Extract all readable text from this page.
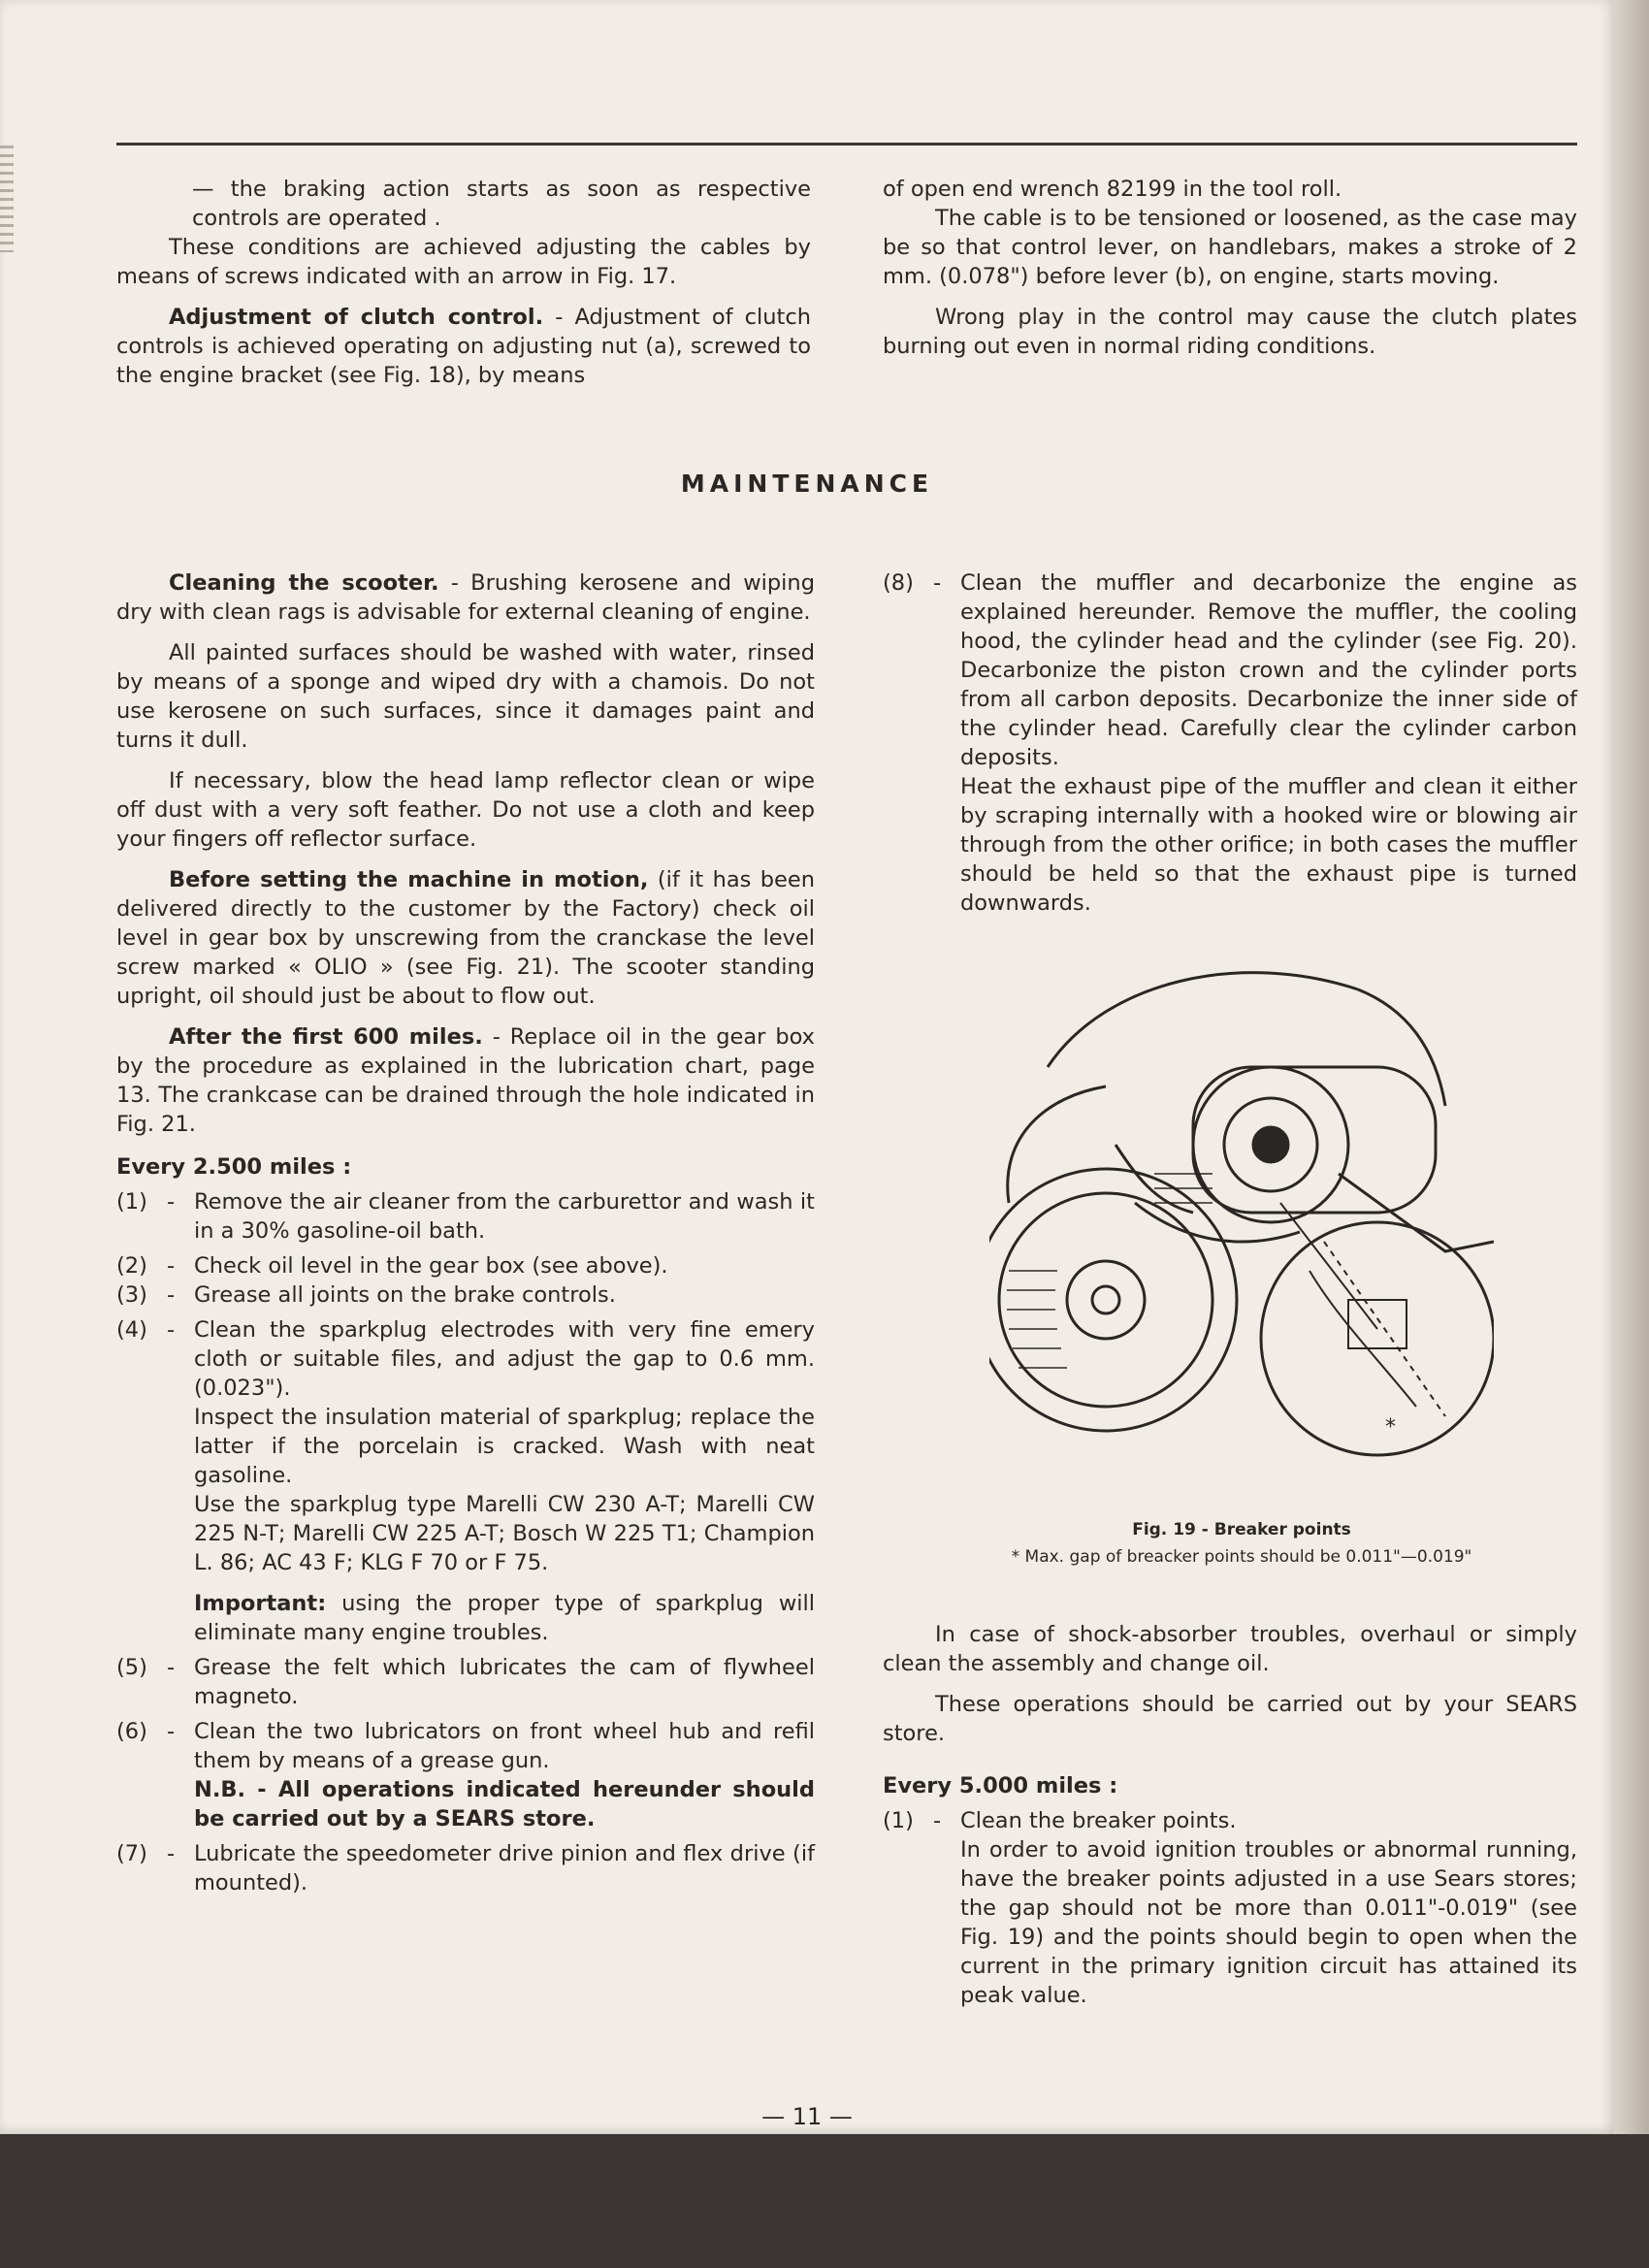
— the braking action starts as soon as respective controls are operated .

These conditions are achieved adjusting the cables by means of screws indicated with an arrow in Fig. 17.

Adjustment of clutch control. - Adjustment of clutch controls is achieved operating on adjusting nut (a), screwed to the engine bracket (see Fig. 18), by means

of open end wrench 82199 in the tool roll.

The cable is to be tensioned or loosened, as the case may be so that control lever, on handlebars, makes a stroke of 2 mm. (0.078") before lever (b), on engine, starts moving.

Wrong play in the control may cause the clutch plates burning out even in normal riding conditions.

MAINTENANCE

Cleaning the scooter. - Brushing kerosene and wiping dry with clean rags is advisable for external cleaning of engine.

All painted surfaces should be washed with water, rinsed by means of a sponge and wiped dry with a chamois. Do not use kerosene on such surfaces, since it damages paint and turns it dull.

If necessary, blow the head lamp reflector clean or wipe off dust with a very soft feather. Do not use a cloth and keep your fingers off reflector surface.

Before setting the machine in motion, (if it has been delivered directly to the customer by the Factory) check oil level in gear box by unscrewing from the cranckase the level screw marked « OLIO » (see Fig. 21). The scooter standing upright, oil should just be about to flow out.

After the first 600 miles. - Replace oil in the gear box by the procedure as explained in the lubrication chart, page 13. The crankcase can be drained through the hole indicated in Fig. 21.

Every 2.500 miles :

(1) - Remove the air cleaner from the carburettor and wash it in a 30% gasoline-oil bath.
(2) - Check oil level in the gear box (see above).
(3) - Grease all joints on the brake controls.
(4) - Clean the sparkplug electrodes with very fine emery cloth or suitable files, and adjust the gap to 0.6 mm. (0.023").

Inspect the insulation material of sparkplug; replace the latter if the porcelain is cracked. Wash with neat gasoline.

Use the sparkplug type Marelli CW 230 A-T; Marelli CW 225 N-T; Marelli CW 225 A-T; Bosch W 225 T1; Champion L. 86; AC 43 F; KLG F 70 or F 75.

Important: using the proper type of sparkplug will eliminate many engine troubles.

(5) - Grease the felt which lubricates the cam of flywheel magneto.
(6) - Clean the two lubricators on front wheel hub and refil them by means of a grease gun.

N.B. - All operations indicated hereunder should be carried out by a SEARS store.

(7) - Lubricate the speedometer drive pinion and flex drive (if mounted).
(8) - Clean the muffler and decarbonize the engine as explained hereunder. Remove the muffler, the cooling hood, the cylinder head and the cylinder (see Fig. 20). Decarbonize the piston crown and the cylinder ports from all carbon deposits. Decarbonize the inner side of the cylinder head. Carefully clear the cylinder carbon deposits.

Heat the exhaust pipe of the muffler and clean it either by scraping internally with a hooked wire or blowing air through from the other orifice; in both cases the muffler should be held so that the exhaust pipe is turned downwards.

*
Fig. 19 - Breaker points
* Max. gap of breacker points should be 0.011"—0.019"

In case of shock-absorber troubles, overhaul or simply clean the assembly and change oil.

These operations should be carried out by your SEARS store.

Every 5.000 miles :

(1) - Clean the breaker points.

In order to avoid ignition troubles or abnormal running, have the breaker points adjusted in a use Sears stores; the gap should not be more than 0.011"-0.019" (see Fig. 19) and the points should begin to open when the current in the primary ignition circuit has attained its peak value.

— 11 —
